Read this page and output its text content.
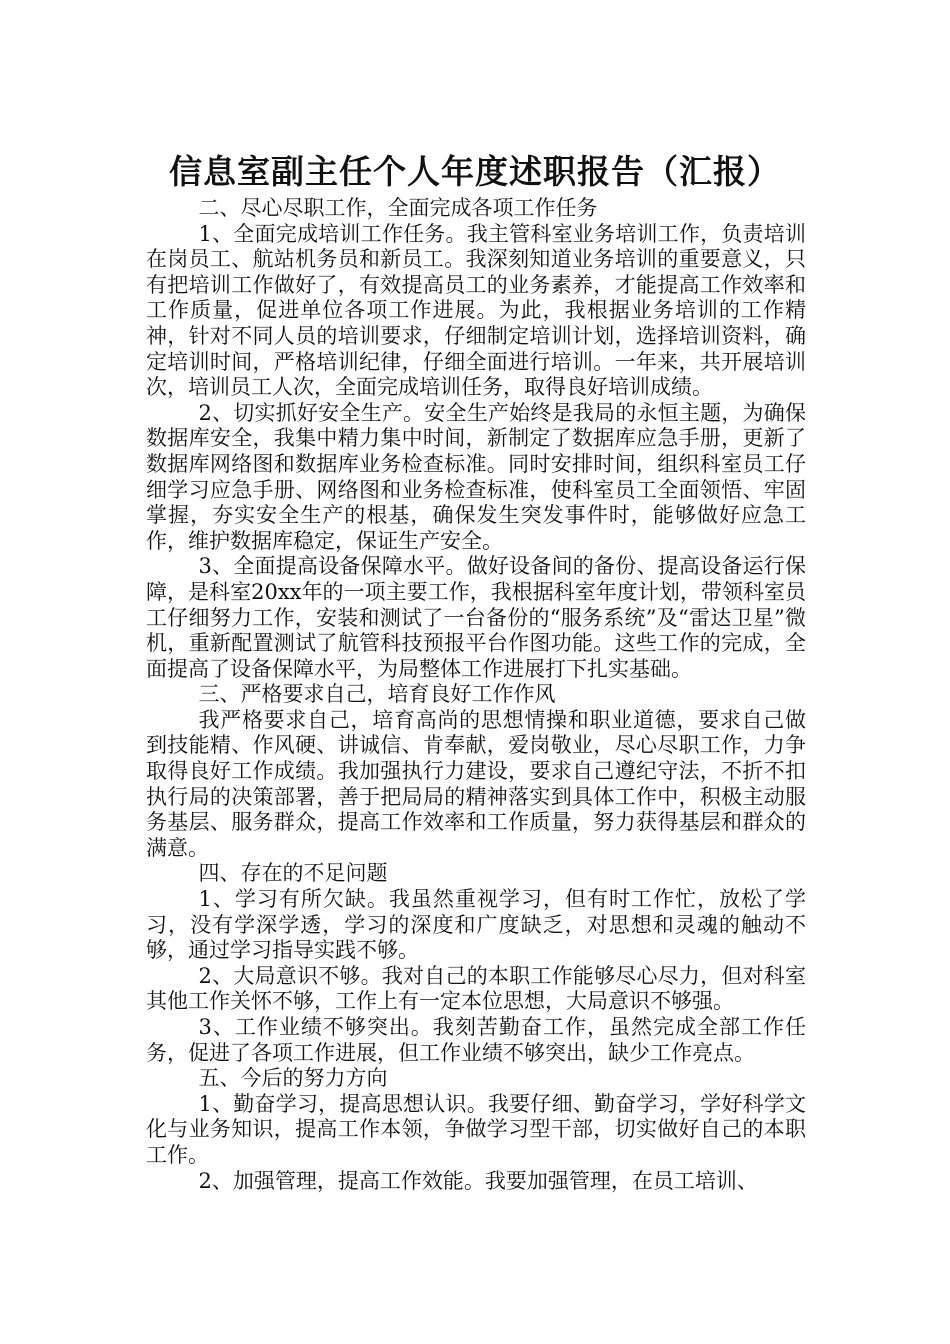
信息室副主任个人年度述职报告（汇报）

二、尽心尽职工作，全面完成各项工作任务

1、全面完成培训工作任务。我主管科室业务培训工作，负责培训在岗员工、航站机务员和新员工。我深刻知道业务培训的重要意义，只有把培训工作做好了，有效提高员工的业务素养，才能提高工作效率和工作质量，促进单位各项工作进展。为此，我根据业务培训的工作精神，针对不同人员的培训要求，仔细制定培训计划，选择培训资料，确定培训时间，严格培训纪律，仔细全面进行培训。一年来，共开展培训次，培训员工人次，全面完成培训任务，取得良好培训成绩。

2、切实抓好安全生产。安全生产始终是我局的永恒主题，为确保数据库安全，我集中精力集中时间，新制定了数据库应急手册，更新了数据库网络图和数据库业务检查标准。同时安排时间，组织科室员工仔细学习应急手册、网络图和业务检查标准，使科室员工全面领悟、牢固掌握，夯实安全生产的根基，确保发生突发事件时，能够做好应急工作，维护数据库稳定，保证生产安全。

3、全面提高设备保障水平。做好设备间的备份、提高设备运行保障，是科室20xx年的一项主要工作，我根据科室年度计划，带领科室员工仔细努力工作，安装和测试了一台备份的“服务系统”及“雷达卫星”微机，重新配置测试了航管科技预报平台作图功能。这些工作的完成，全面提高了设备保障水平，为局整体工作进展打下扎实基础。

三、严格要求自己，培育良好工作作风

我严格要求自己，培育高尚的思想情操和职业道德，要求自己做到技能精、作风硬、讲诚信、肯奉献，爱岗敬业，尽心尽职工作，力争取得良好工作成绩。我加强执行力建设，要求自己遵纪守法，不折不扣执行局的决策部署，善于把局局的精神落实到具体工作中，积极主动服务基层、服务群众，提高工作效率和工作质量，努力获得基层和群众的满意。

四、存在的不足问题

1、学习有所欠缺。我虽然重视学习，但有时工作忙，放松了学习，没有学深学透，学习的深度和广度缺乏，对思想和灵魂的触动不够，通过学习指导实践不够。

2、大局意识不够。我对自己的本职工作能够尽心尽力，但对科室其他工作关怀不够，工作上有一定本位思想，大局意识不够强。

3、工作业绩不够突出。我刻苦勤奋工作，虽然完成全部工作任务，促进了各项工作进展，但工作业绩不够突出，缺少工作亮点。

五、今后的努力方向

1、勤奋学习，提高思想认识。我要仔细、勤奋学习，学好科学文化与业务知识，提高工作本领，争做学习型干部，切实做好自己的本职工作。

2、加强管理，提高工作效能。我要加强管理，在员工培训、
